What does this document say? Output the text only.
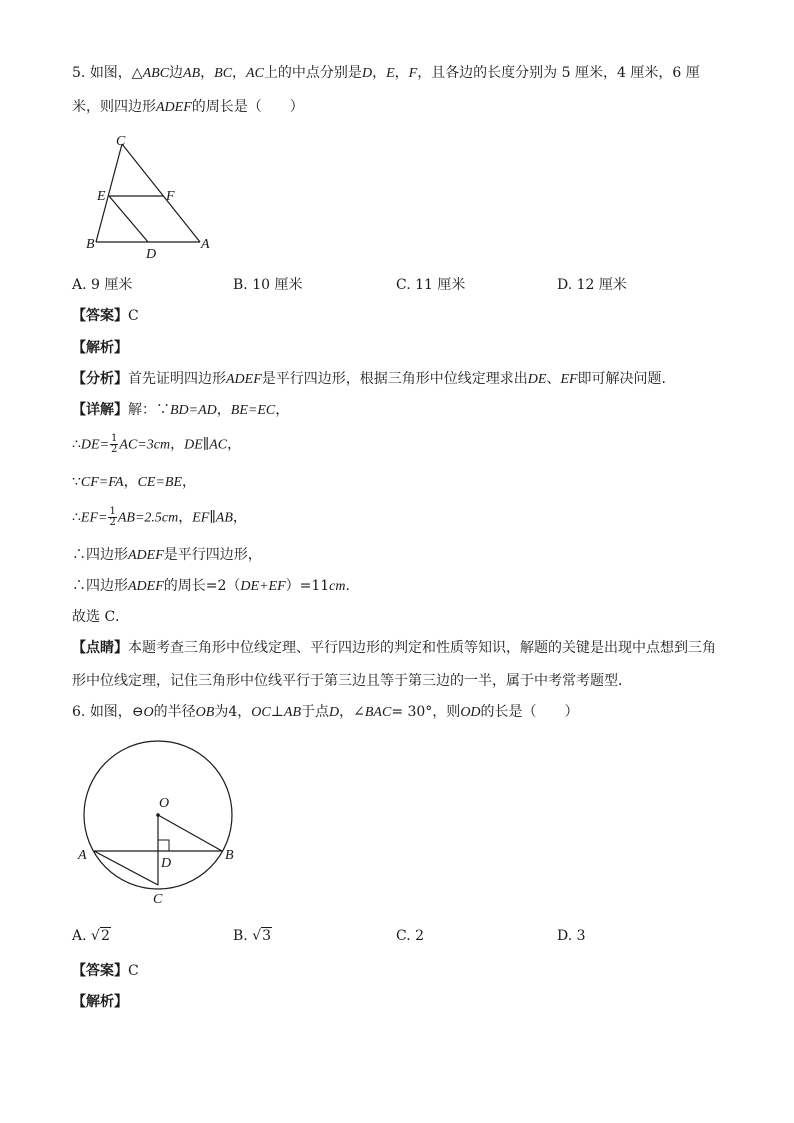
5. 如图，△ABC边AB，BC，AC上的中点分别是D，E，F，且各边的长度分别为 5 厘米，4 厘米，6 厘
米，则四边形ADEF的周长是（　　）
C
E	F
B
D
A
A. 9 厘米	B. 10 厘米	C. 11 厘米	D. 12 厘米
【答案】C
【解析】
【分析】首先证明四边形ADEF是平行四边形，根据三角形中位线定理求出DE、EF即可解决问题．
【详解】解：∵BD=AD，BE=EC，
∴DE= $\frac{1}{2} AC=3cm$，DE∥AC，
∵CF=FA，CE=BE，
∴EF= $\frac{1}{2} AB=2.5cm$，EF∥AB，
∴四边形ADEF是平行四边形，
∴四边形ADEF的周长=2（DE+EF）=11cm．
故选 C．
【点睛】本题考查三角形中位线定理、平行四边形的判定和性质等知识，解题的关键是出现中点想到三角
形中位线定理，记住三角形中位线平行于第三边且等于第三边的一半，属于中考常考题型．
6. 如图，⊖O的半径OB为4，OC⊥AB于点D，∠BAC= 30°，则OD的长是（　　）
O
A	B
D
C
A. √2	B. √3	C. 2	D. 3
【答案】C
【解析】
